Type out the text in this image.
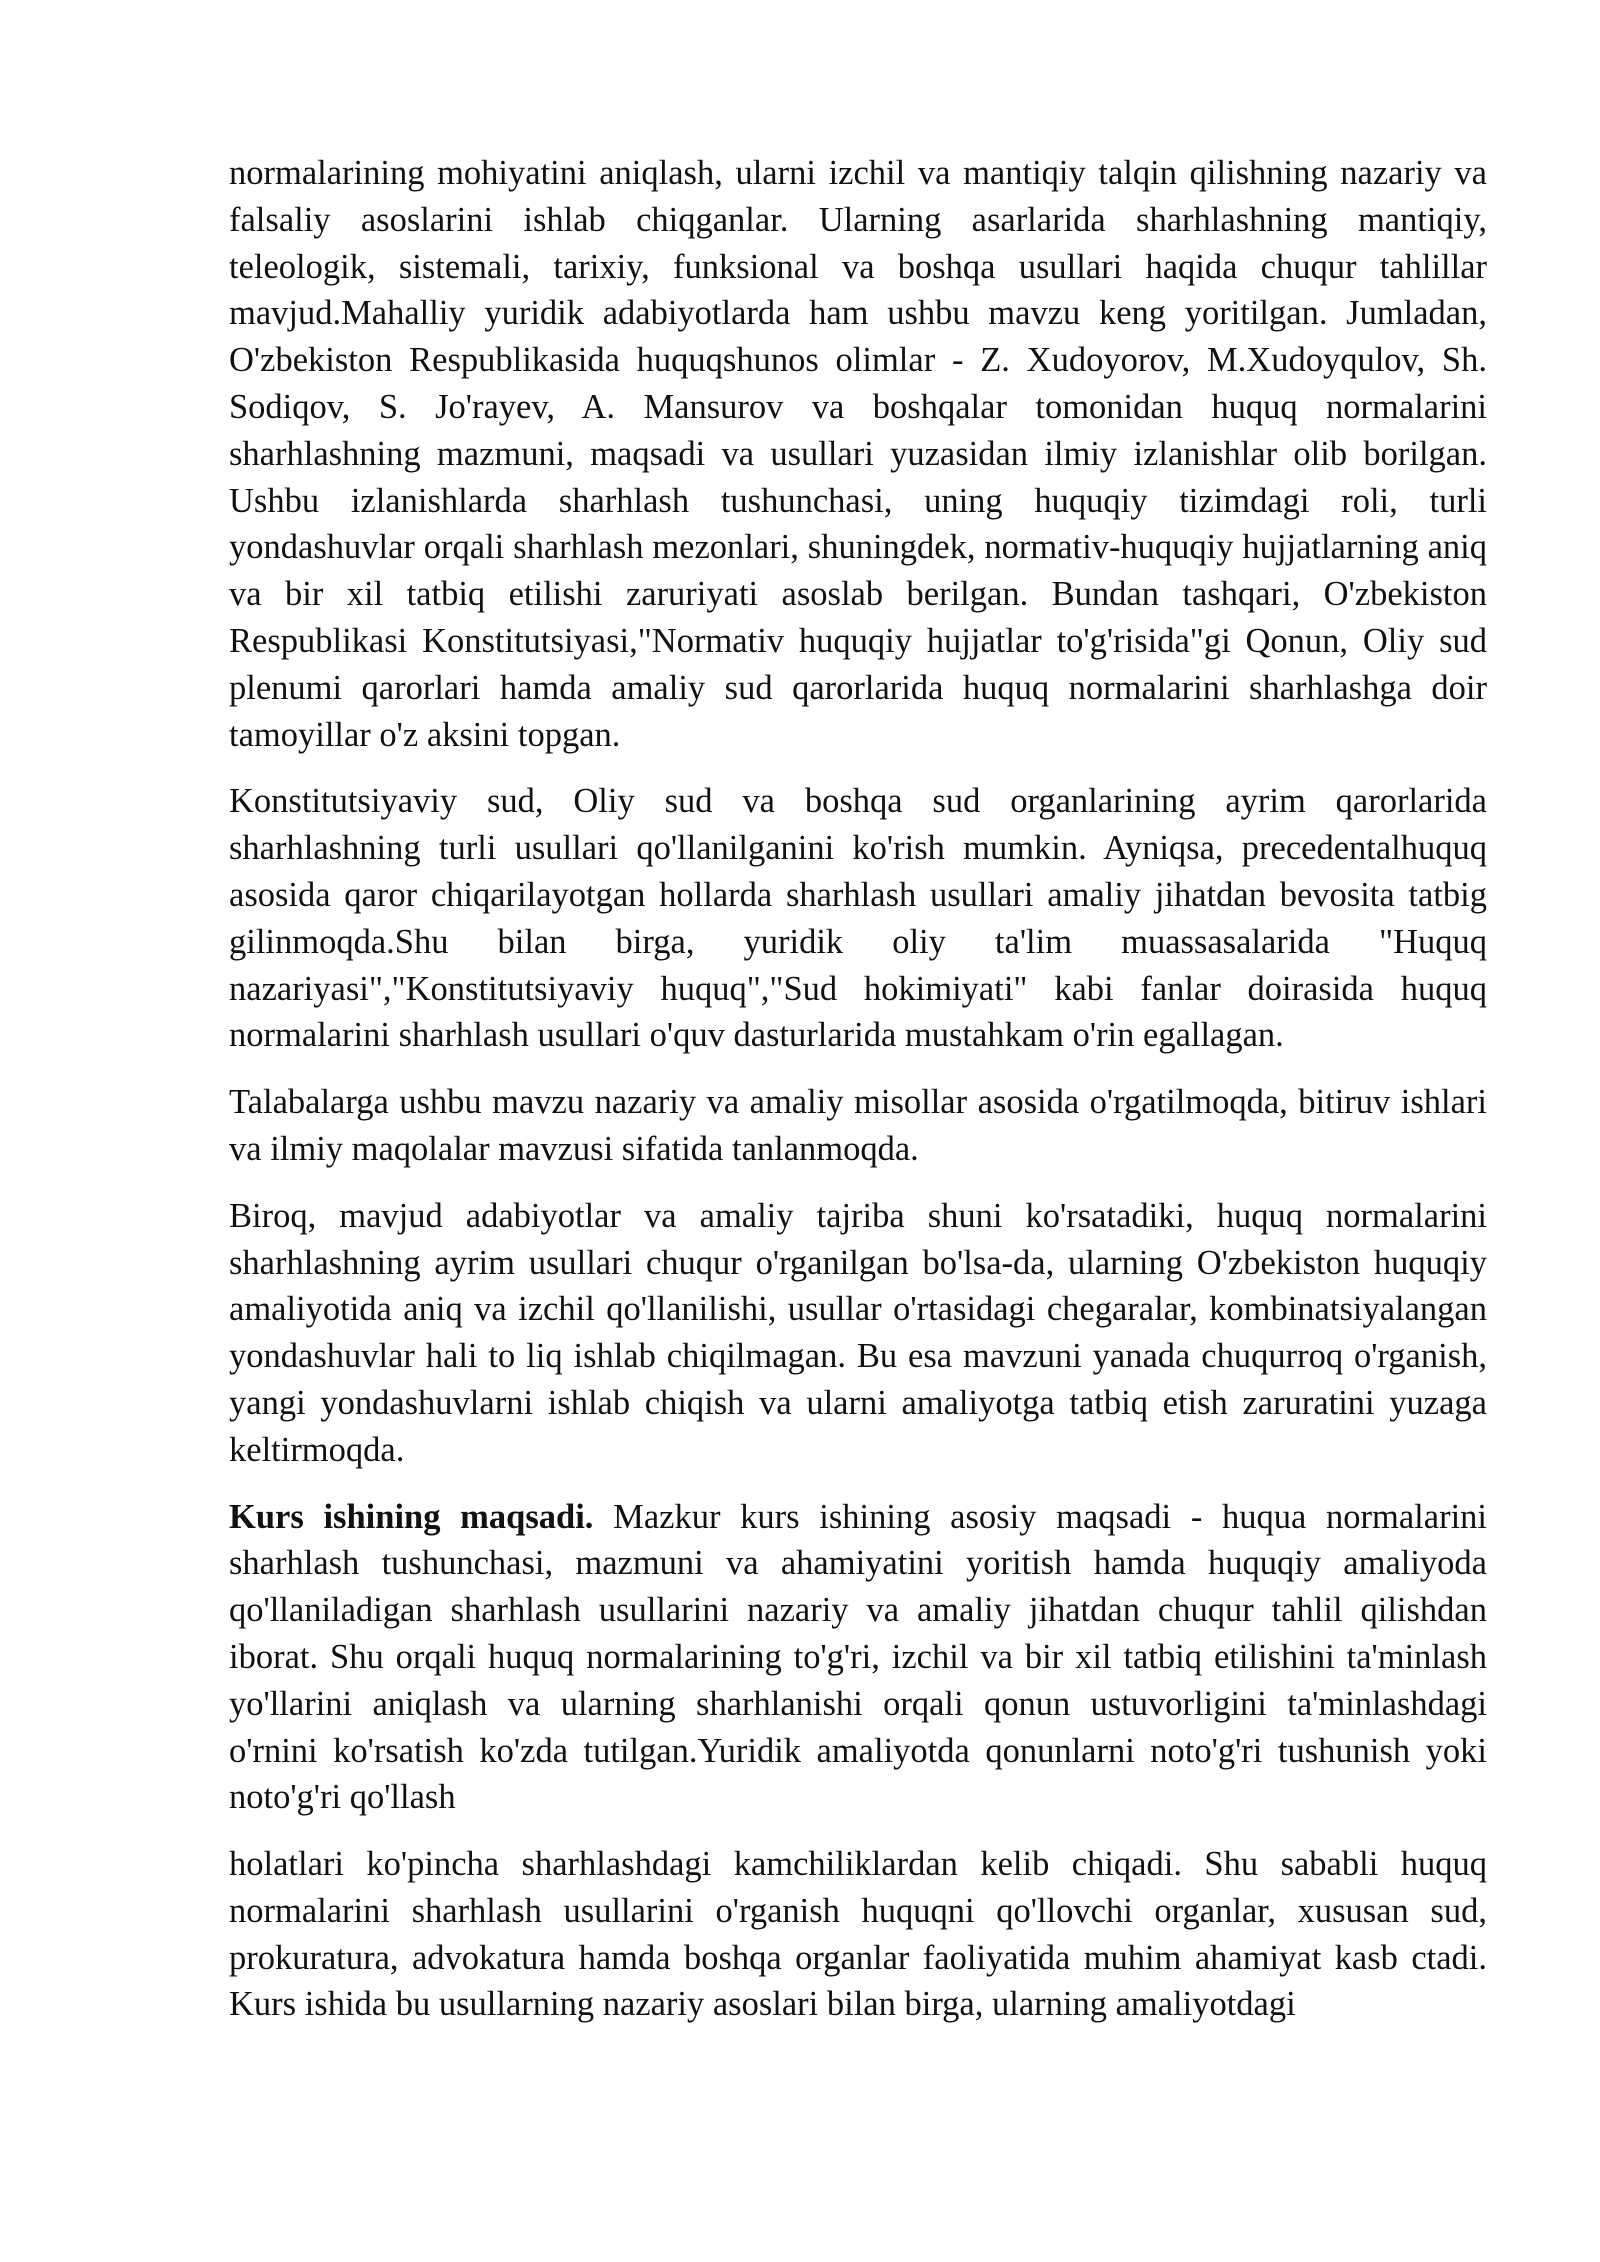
normalarining mohiyatini aniqlash, ularni izchil va mantiqiy talqin qilishning nazariy va falsaliy asoslarini ishlab chiqganlar. Ularning asarlarida sharhlashning mantiqiy, teleologik, sistemali, tarixiy, funksional va boshqa usullari haqida chuqur tahlillar mavjud.Mahalliy yuridik adabiyotlarda ham ushbu mavzu keng yoritilgan. Jumladan, O'zbekiston Respublikasida huquqshunos olimlar - Z. Xudoyorov, M.Xudoyqulov, Sh. Sodiqov, S. Jo'rayev, A. Mansurov va boshqalar tomonidan huquq normalarini sharhlashning mazmuni, maqsadi va usullari yuzasidan ilmiy izlanishlar olib borilgan. Ushbu izlanishlarda sharhlash tushunchasi, uning huquqiy tizimdagi roli, turli yondashuvlar orqali sharhlash mezonlari, shuningdek, normativ-huquqiy hujjatlarning aniq va bir xil tatbiq etilishi zaruriyati asoslab berilgan. Bundan tashqari, O'zbekiston Respublikasi Konstitutsiyasi,"Normativ huquqiy hujjatlar to'g'risida"gi Qonun, Oliy sud plenumi qarorlari hamda amaliy sud qarorlarida huquq normalarini sharhlashga doir tamoyillar o'z aksini topgan.

Konstitutsiyaviy sud, Oliy sud va boshqa sud organlarining ayrim qarorlarida sharhlashning turli usullari qo'llanilganini ko'rish mumkin. Ayniqsa, precedentalhuquq asosida qaror chiqarilayotgan hollarda sharhlash usullari amaliy jihatdan bevosita tatbig gilinmoqda.Shu bilan birga, yuridik oliy ta'lim muassasalarida "Huquq nazariyasi","Konstitutsiyaviy huquq","Sud hokimiyati" kabi fanlar doirasida huquq normalarini sharhlash usullari o'quv dasturlarida mustahkam o'rin egallagan.

Talabalarga ushbu mavzu nazariy va amaliy misollar asosida o'rgatilmoqda, bitiruv ishlari va ilmiy maqolalar mavzusi sifatida tanlanmoqda.

Biroq, mavjud adabiyotlar va amaliy tajriba shuni ko'rsatadiki, huquq normalarini sharhlashning ayrim usullari chuqur o'rganilgan bo'lsa-da, ularning O'zbekiston huquqiy amaliyotida aniq va izchil qo'llanilishi, usullar o'rtasidagi chegaralar, kombinatsiyalangan yondashuvlar hali to liq ishlab chiqilmagan. Bu esa mavzuni yanada chuqurroq o'rganish, yangi yondashuvlarni ishlab chiqish va ularni amaliyotga tatbiq etish zaruratini yuzaga keltirmoqda.

Kurs ishining maqsadi. Mazkur kurs ishining asosiy maqsadi - huqua normalarini sharhlash tushunchasi, mazmuni va ahamiyatini yoritish hamda huquqiy amaliyoda qo'llaniladigan sharhlash usullarini nazariy va amaliy jihatdan chuqur tahlil qilishdan iborat. Shu orqali huquq normalarining to'g'ri, izchil va bir xil tatbiq etilishini ta'minlash yo'llarini aniqlash va ularning sharhlanishi orqali qonun ustuvorligini ta'minlashdagi o'rnini ko'rsatish ko'zda tutilgan.Yuridik amaliyotda qonunlarni noto'g'ri tushunish yoki noto'g'ri qo'llash

holatlari ko'pincha sharhlashdagi kamchiliklardan kelib chiqadi. Shu sababli huquq normalarini sharhlash usullarini o'rganish huquqni qo'llovchi organlar, xususan sud, prokuratura, advokatura hamda boshqa organlar faoliyatida muhim ahamiyat kasb ctadi. Kurs ishida bu usullarning nazariy asoslari bilan birga, ularning amaliyotdagi
